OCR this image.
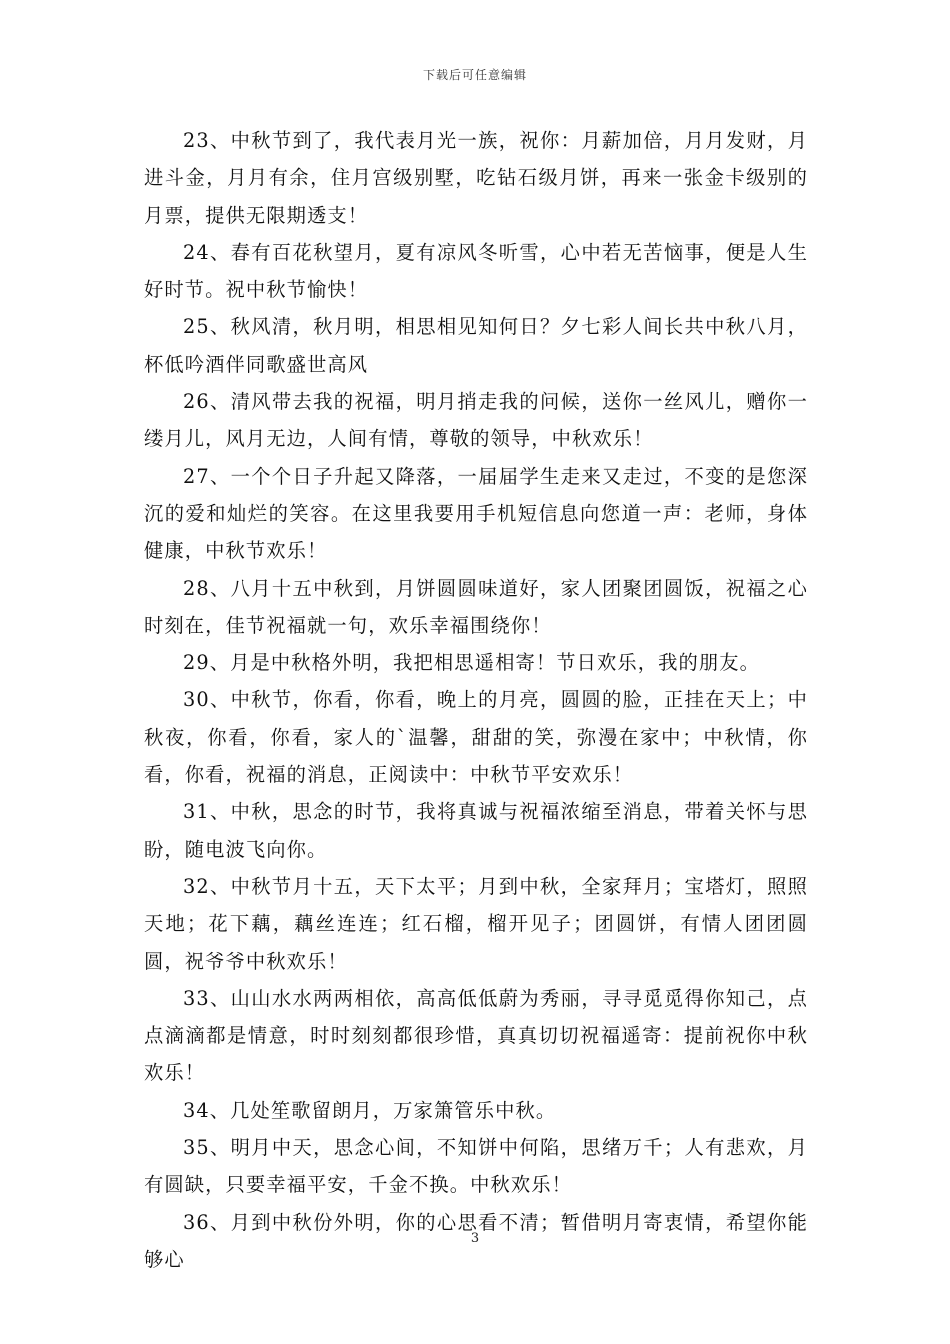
下载后可任意编辑

23、中秋节到了，我代表月光一族，祝你：月薪加倍，月月发财，月进斗金，月月有余，住月宫级别墅，吃钻石级月饼，再来一张金卡级别的月票，提供无限期透支！

24、春有百花秋望月，夏有凉风冬听雪，心中若无苦恼事，便是人生好时节。祝中秋节愉快！

25、秋风清，秋月明，相思相见知何日？夕七彩人间长共中秋八月，杯低吟酒伴同歌盛世高风

26、清风带去我的祝福，明月捎走我的问候，送你一丝风儿，赠你一缕月儿，风月无边，人间有情，尊敬的领导，中秋欢乐！

27、一个个日子升起又降落，一届届学生走来又走过，不变的是您深沉的爱和灿烂的笑容。在这里我要用手机短信息向您道一声：老师，身体健康，中秋节欢乐！

28、八月十五中秋到，月饼圆圆味道好，家人团聚团圆饭，祝福之心时刻在，佳节祝福就一句，欢乐幸福围绕你！

29、月是中秋格外明，我把相思遥相寄！节日欢乐，我的朋友。

30、中秋节，你看，你看，晚上的月亮，圆圆的脸，正挂在天上；中秋夜，你看，你看，家人的`温馨，甜甜的笑，弥漫在家中；中秋情，你看，你看，祝福的消息，正阅读中：中秋节平安欢乐！

31、中秋，思念的时节，我将真诚与祝福浓缩至消息，带着关怀与思盼，随电波飞向你。

32、中秋节月十五，天下太平；月到中秋，全家拜月；宝塔灯，照照天地；花下藕，藕丝连连；红石榴，榴开见子；团圆饼，有情人团团圆圆，祝爷爷中秋欢乐！

33、山山水水两两相依，高高低低蔚为秀丽，寻寻觅觅得你知己，点点滴滴都是情意，时时刻刻都很珍惜，真真切切祝福遥寄：提前祝你中秋欢乐！

34、几处笙歌留朗月，万家箫管乐中秋。

35、明月中天，思念心间，不知饼中何陷，思绪万千；人有悲欢，月有圆缺，只要幸福平安，千金不换。中秋欢乐！

36、月到中秋份外明，你的心思看不清；暂借明月寄衷情，希望你能够心

3
